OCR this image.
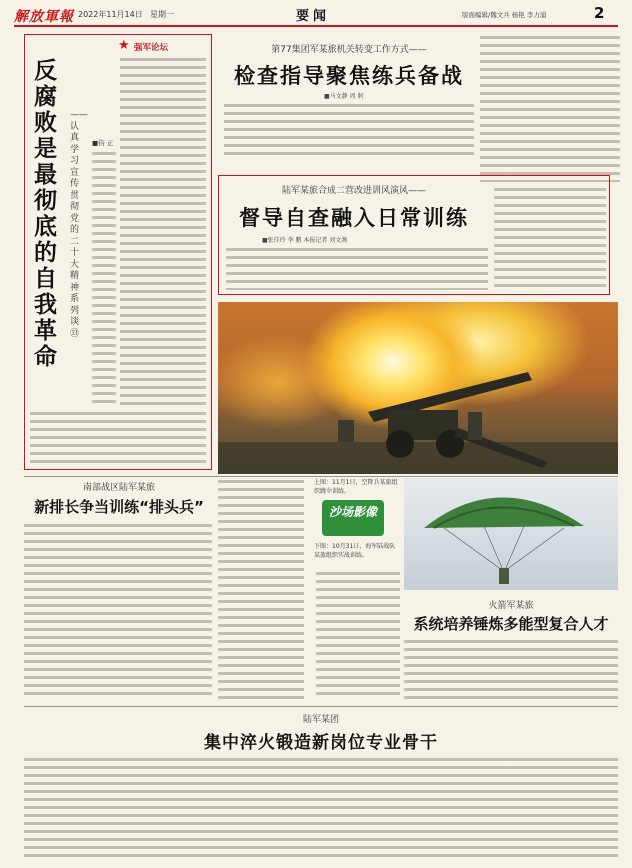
解放軍報 2022年11月14日 星期一	要闻	版面编辑/魏文兵 杨艳 李力浦	2
★ 强军论坛
反腐败是最彻底的自我革命
——认真学习宣传贯彻党的二十大精神系列谈⑬
■钧 正
第77集团军某旅机关转变工作方式——
检查指导聚焦练兵备战
■马文静 周 舸
陆军某旅合成二营改进训风演风——
督导自查融入日常训练
■张佳玲 李 鹏 本报记者 刘文淘
南部战区陆军某旅
新排长争当训练“排头兵”
上图：11月1日，空降兵某旅组织跳伞训练。
沙场影像
下图：10月31日，海军陆战队某旅组织实战训练。
火箭军某旅
系统培养锤炼多能型复合人才
陆军某团
集中淬火锻造新岗位专业骨干
